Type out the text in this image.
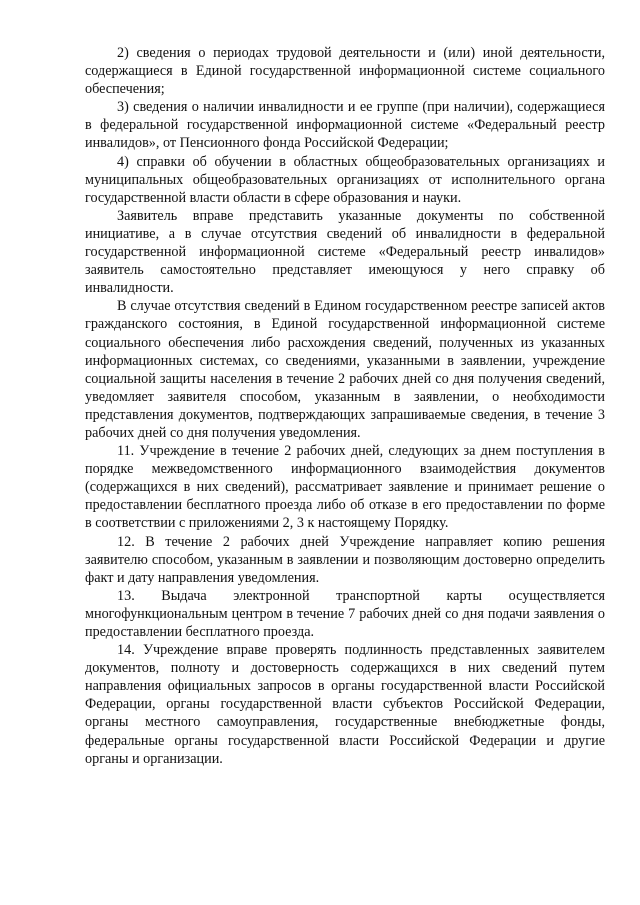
2) сведения о периодах трудовой деятельности и (или) иной деятельности, содержащиеся в Единой государственной информационной системе социального обеспечения;

3) сведения о наличии инвалидности и ее группе (при наличии), содержащиеся в федеральной государственной информационной системе «Федеральный реестр инвалидов», от Пенсионного фонда Российской Федерации;

4) справки об обучении в областных общеобразовательных организациях и муниципальных общеобразовательных организациях от исполнительного органа государственной власти области в сфере образования и науки.

Заявитель вправе представить указанные документы по собственной инициативе, а в случае отсутствия сведений об инвалидности в федеральной государственной информационной системе «Федеральный реестр инвалидов» заявитель самостоятельно представляет имеющуюся у него справку об инвалидности.

В случае отсутствия сведений в Едином государственном реестре записей актов гражданского состояния, в Единой государственной информационной системе социального обеспечения либо расхождения сведений, полученных из указанных информационных системах, со сведениями, указанными в заявлении, учреждение социальной защиты населения в течение 2 рабочих дней со дня получения сведений, уведомляет заявителя способом, указанным в заявлении, о необходимости представления документов, подтверждающих запрашиваемые сведения, в течение 3 рабочих дней со дня получения уведомления.

11. Учреждение в течение 2 рабочих дней, следующих за днем поступления в порядке межведомственного информационного взаимодействия документов (содержащихся в них сведений), рассматривает заявление и принимает решение о предоставлении бесплатного проезда либо об отказе в его предоставлении по форме в соответствии с приложениями 2, 3 к настоящему Порядку.

12. В течение 2 рабочих дней Учреждение направляет копию решения заявителю способом, указанным в заявлении и позволяющим достоверно определить факт и дату направления уведомления.

13. Выдача электронной транспортной карты осуществляется многофункциональным центром в течение 7 рабочих дней со дня подачи заявления о предоставлении бесплатного проезда.

14. Учреждение вправе проверять подлинность представленных заявителем документов, полноту и достоверность содержащихся в них сведений путем направления официальных запросов в органы государственной власти Российской Федерации, органы государственной власти субъектов Российской Федерации, органы местного самоуправления, государственные внебюджетные фонды, федеральные органы государственной власти Российской Федерации и другие органы и организации.
